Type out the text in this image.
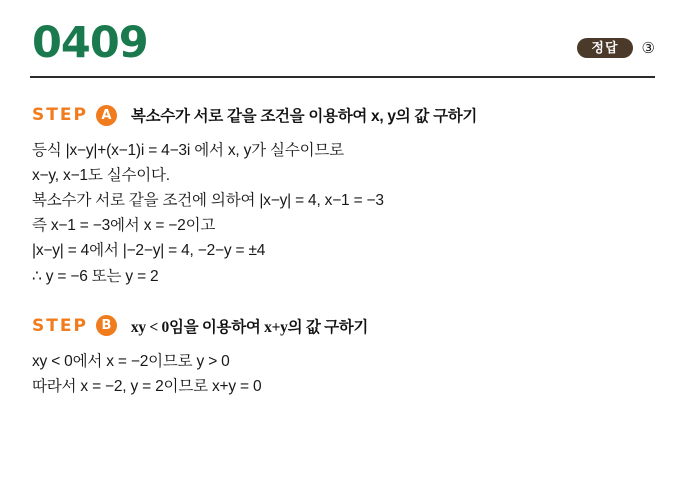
0409	정답	③
STEP	A	복소수가 서로 같을 조건을 이용하여 x, y의 값 구하기
등식 |x−y|+(x−1)i = 4−3i 에서 x, y가 실수이므로
x−y, x−1도 실수이다.
복소수가 서로 같을 조건에 의하여 |x−y| = 4, x−1 = −3
즉 x−1 = −3에서 x = −2이고
|x−y| = 4에서 |−2−y| = 4, −2−y = ±4
∴ y = −6 또는 y = 2
STEP	B	xy < 0임을 이용하여 x+y의 값 구하기
xy < 0에서 x = −2이므로 y > 0
따라서 x = −2, y = 2이므로 x+y = 0
